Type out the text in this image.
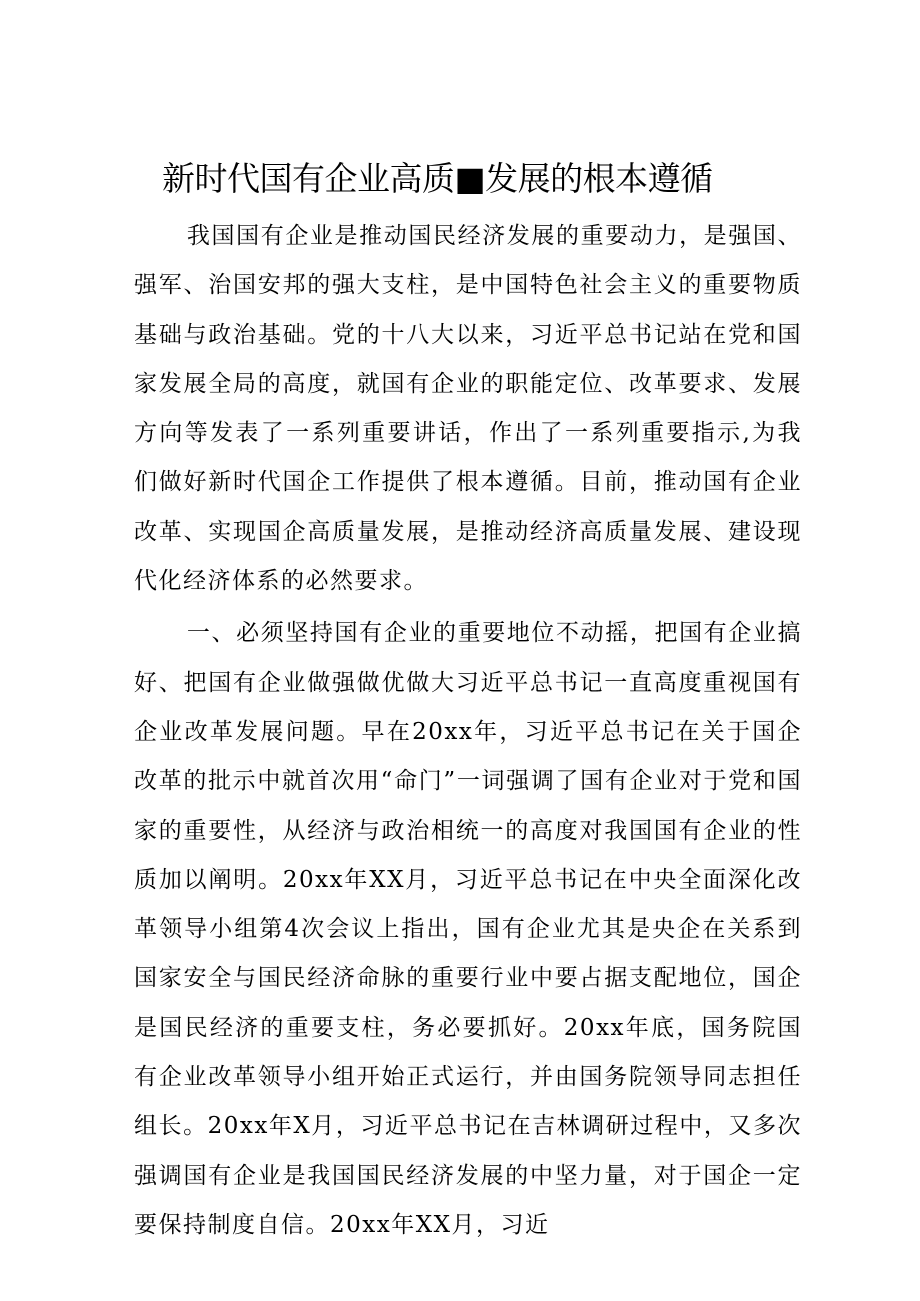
新时代国有企业高质■发展的根本遵循

我国国有企业是推动国民经济发展的重要动力，是强国、强军、治国安邦的强大支柱，是中国特色社会主义的重要物质基础与政治基础。党的十八大以来，习近平总书记站在党和国家发展全局的高度，就国有企业的职能定位、改革要求、发展方向等发表了一系列重要讲话，作出了一系列重要指示,为我们做好新时代国企工作提供了根本遵循。目前，推动国有企业改革、实现国企高质量发展，是推动经济高质量发展、建设现代化经济体系的必然要求。

一、必须坚持国有企业的重要地位不动摇，把国有企业搞好、把国有企业做强做优做大习近平总书记一直高度重视国有企业改革发展问题。早在20xx年，习近平总书记在关于国企改革的批示中就首次用“命门”一词强调了国有企业对于党和国家的重要性，从经济与政治相统一的高度对我国国有企业的性质加以阐明。20xx年XX月，习近平总书记在中央全面深化改革领导小组第4次会议上指出，国有企业尤其是央企在关系到国家安全与国民经济命脉的重要行业中要占据支配地位，国企是国民经济的重要支柱，务必要抓好。20xx年底，国务院国有企业改革领导小组开始正式运行，并由国务院领导同志担任组长。20xx年X月，习近平总书记在吉林调研过程中，又多次强调国有企业是我国国民经济发展的中坚力量，对于国企一定要保持制度自信。20xx年XX月，习近
